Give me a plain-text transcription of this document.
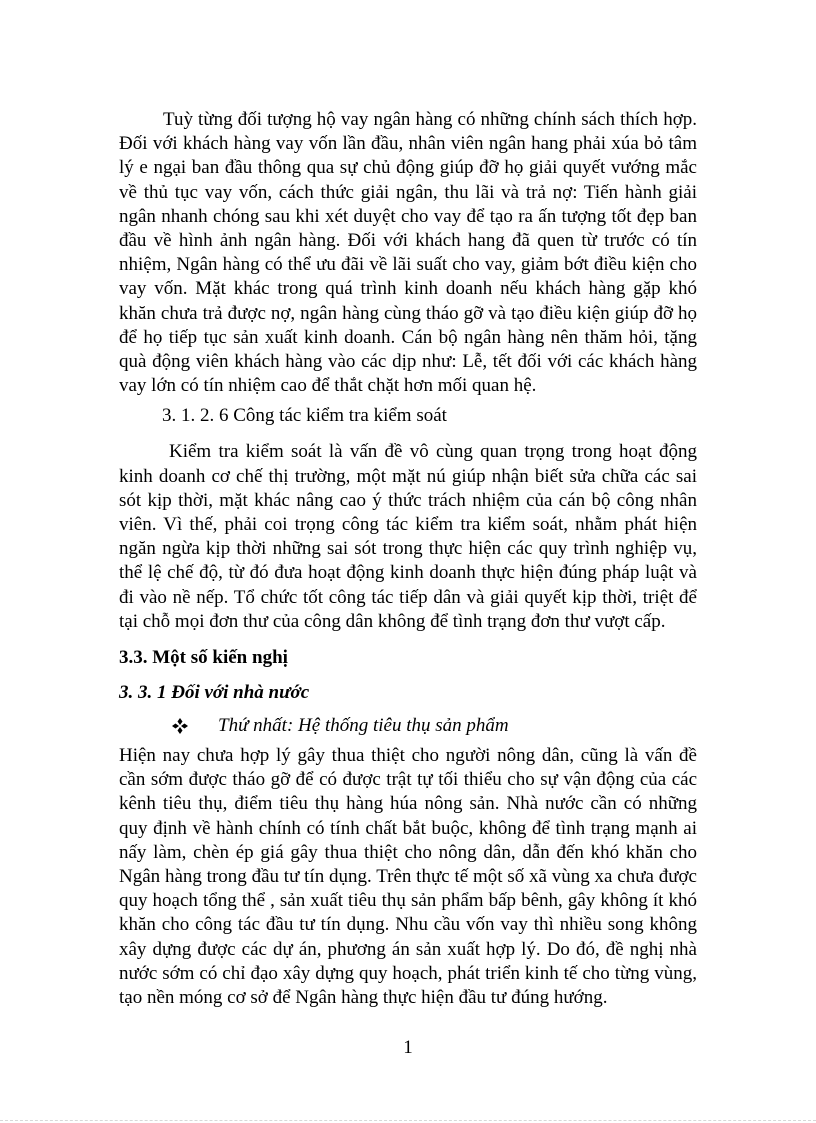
Tuỳ từng đối tượng hộ vay ngân hàng có những chính sách thích hợp. Đối với khách hàng vay vốn lần đầu, nhân viên ngân hang phải xúa bỏ tâm lý e ngại ban đầu thông qua sự chủ động giúp đỡ họ giải quyết vướng mắc về thủ tục vay vốn, cách thức giải ngân, thu lãi và trả nợ: Tiến hành giải ngân nhanh chóng sau khi xét duyệt cho vay để tạo ra ấn tượng tốt đẹp ban đầu về hình ảnh ngân hàng. Đối với khách hang đã quen từ trước có tín nhiệm, Ngân hàng có thể ưu đãi về lãi suất cho vay, giảm bớt điều kiện cho vay vốn. Mặt khác trong quá trình kinh doanh nếu khách hàng gặp khó khăn chưa trả được nợ, ngân hàng cùng tháo gỡ và tạo điều kiện giúp đỡ họ để họ tiếp tục sản xuất kinh doanh. Cán bộ ngân hàng nên thăm hỏi, tặng quà động viên khách hàng vào các dịp như: Lễ, tết đối với các khách hàng vay lớn có tín nhiệm cao để thắt chặt hơn mối quan hệ.

3. 1. 2. 6 Công tác kiểm tra kiểm soát

Kiểm tra kiểm soát là vấn đề vô cùng quan trọng trong hoạt động kinh doanh cơ chế thị trường, một mặt nú giúp nhận biết sửa chữa các sai sót kịp thời, mặt khác nâng cao ý thức trách nhiệm của cán bộ công nhân viên. Vì thế, phải coi trọng công tác kiểm tra kiểm soát, nhằm phát hiện ngăn ngừa kịp thời những sai sót trong thực hiện các quy trình nghiệp vụ, thể lệ chế độ, từ đó đưa hoạt động kinh doanh thực hiện đúng pháp luật và đi vào nề nếp. Tổ chức tốt công tác tiếp dân và giải quyết kịp thời, triệt để tại chỗ mọi đơn thư của công dân không để tình trạng đơn thư vượt cấp.

3.3. Một số kiến nghị
3. 3. 1 Đối với nhà nước
Thứ nhất: Hệ thống tiêu thụ sản phẩm

Hiện nay chưa hợp lý gây thua thiệt cho người nông dân, cũng là vấn đề cần sớm được tháo gỡ để có được trật tự tối thiểu cho sự vận động của các kênh tiêu thụ, điểm tiêu thụ hàng húa nông sản. Nhà nước cần có những quy định về hành chính có tính chất bắt buộc, không để tình trạng mạnh ai nấy làm, chèn ép giá gây thua thiệt cho nông dân, dẫn đến khó khăn cho Ngân hàng trong đầu tư tín dụng. Trên thực tế một số xã vùng xa chưa được quy hoạch tổng thể , sản xuất tiêu thụ sản phẩm bấp bênh, gây không ít khó khăn cho công tác đầu tư tín dụng. Nhu cầu vốn vay thì nhiều song không xây dựng được các dự án, phương án sản xuất hợp lý. Do đó, đề nghị nhà nước sớm có chỉ đạo xây dựng quy hoạch, phát triển kinh tế cho từng vùng, tạo nền móng cơ sở để Ngân hàng thực hiện đầu tư đúng hướng.

1
